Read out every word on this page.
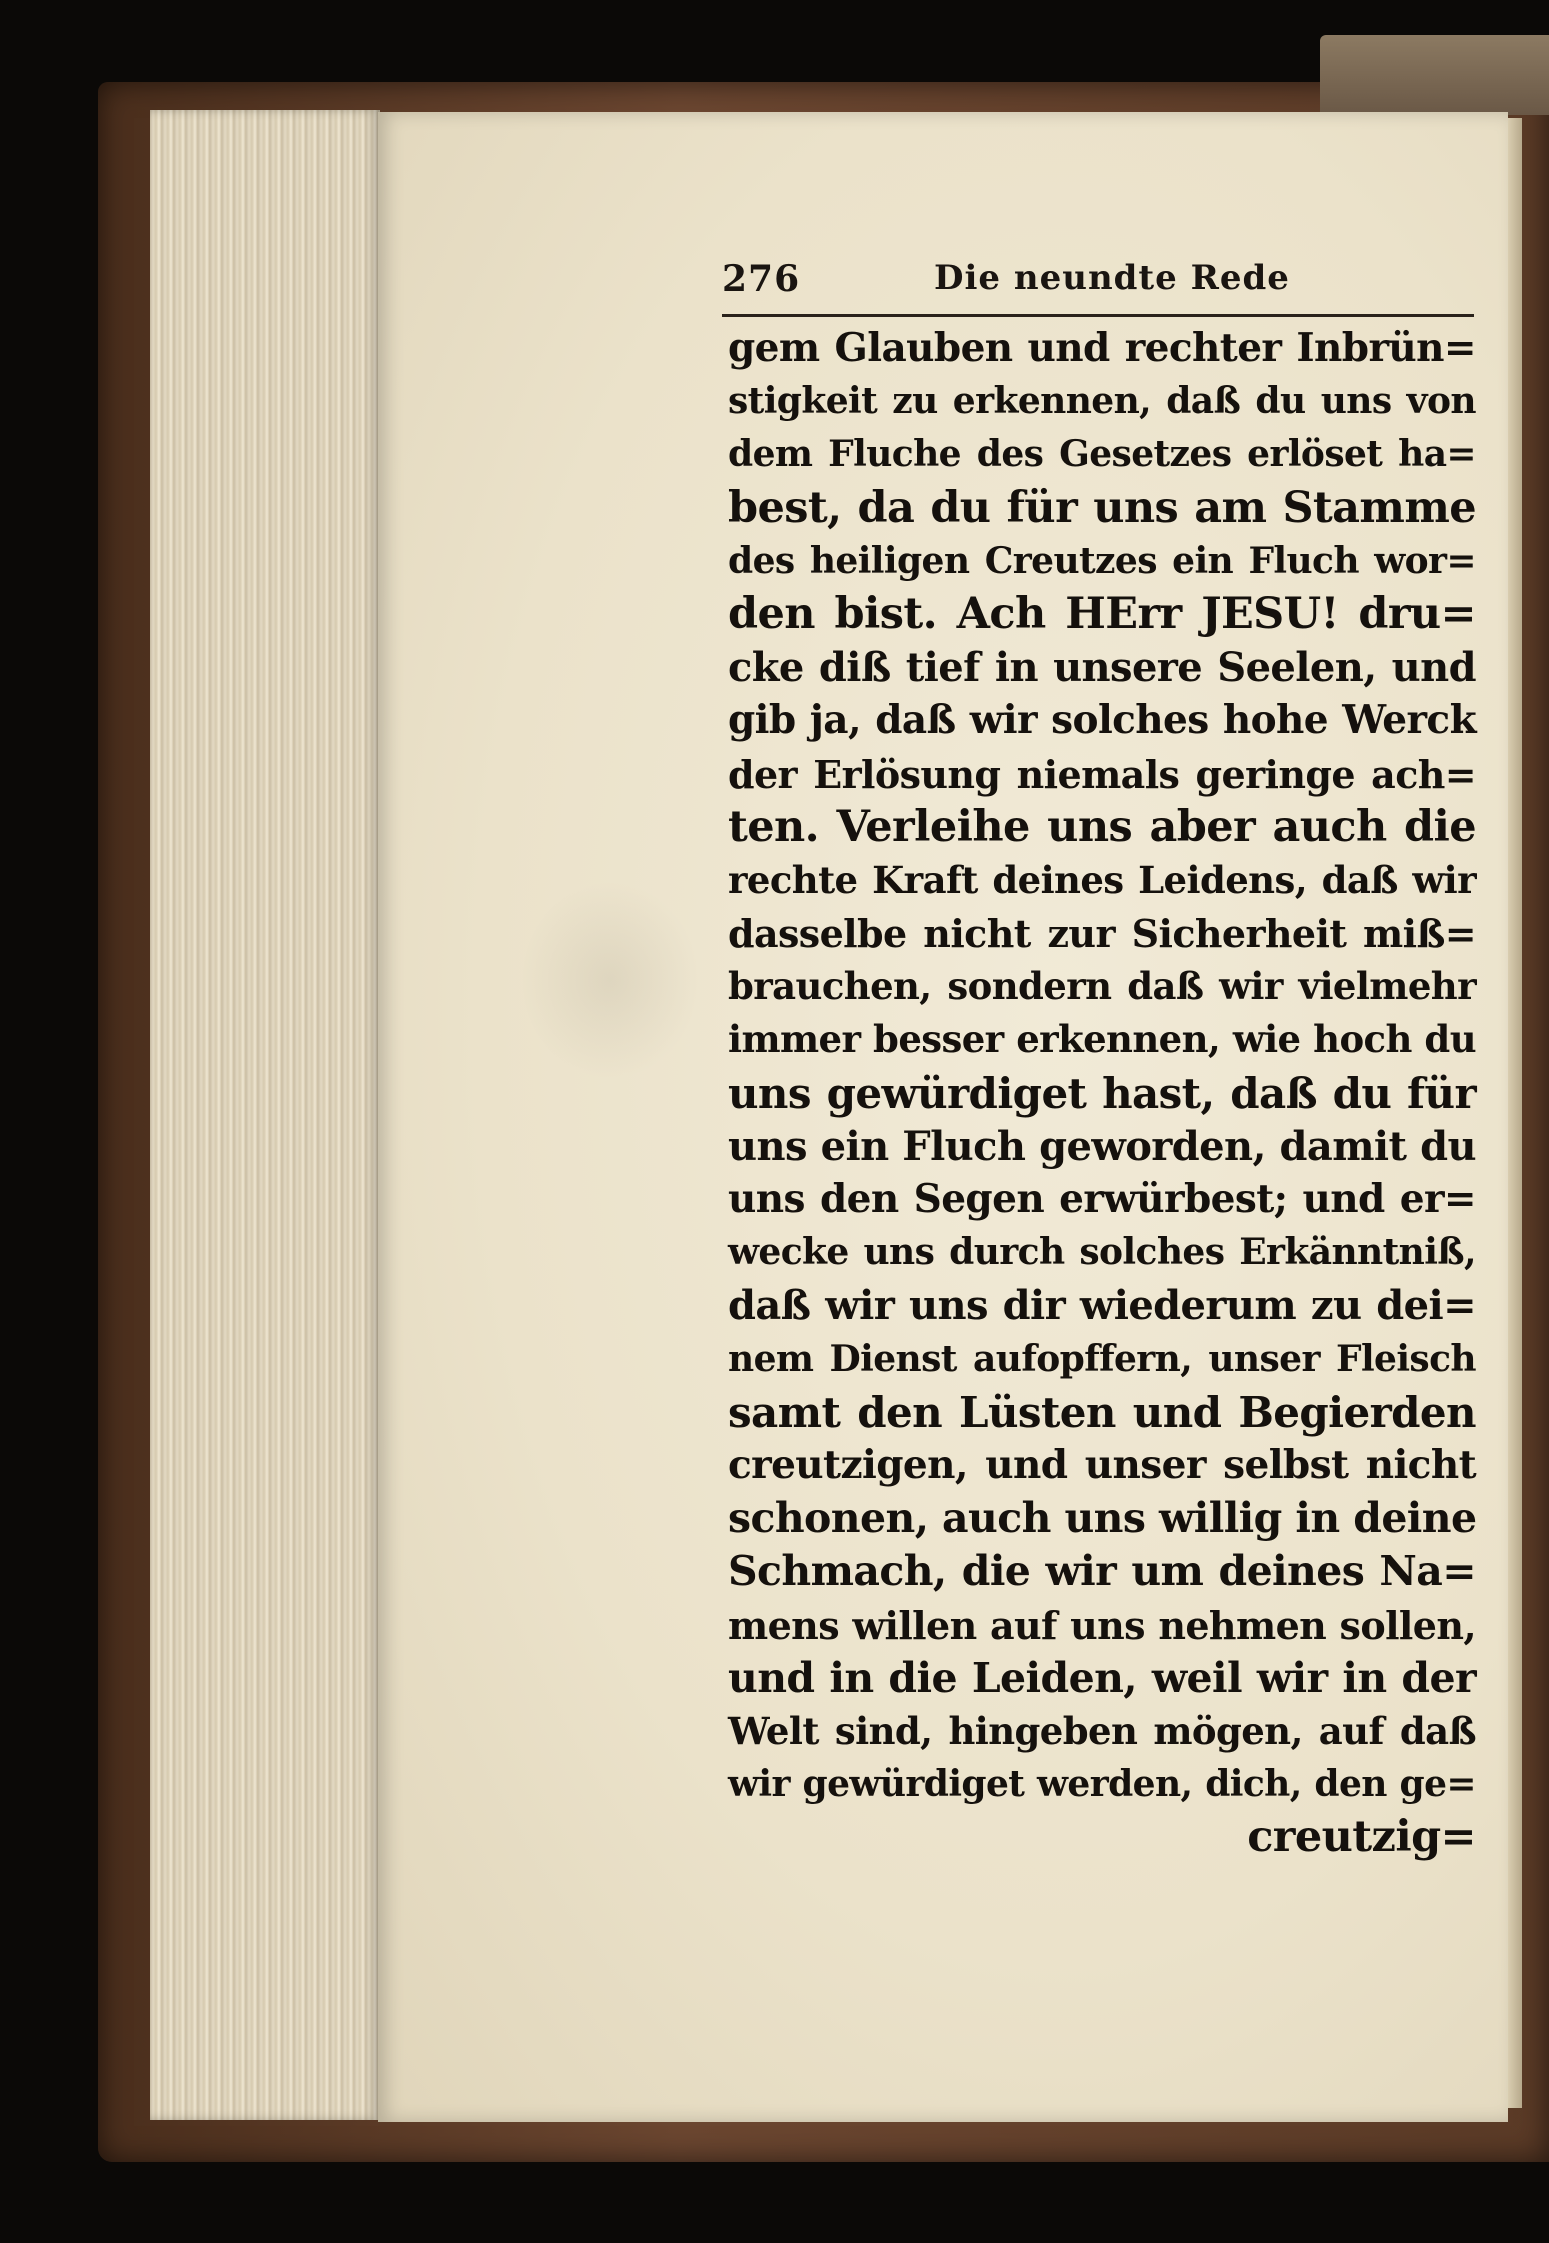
276	Die neundte Rede
gem Glauben und rechter Inbrün=
stigkeit zu erkennen, daß du uns von
dem Fluche des Gesetzes erlöset ha=
best, da du für uns am Stamme
des heiligen Creutzes ein Fluch wor=
den bist. Ach HErr JESU! dru=
cke diß tief in unsere Seelen, und
gib ja, daß wir solches hohe Werck
der Erlösung niemals geringe ach=
ten. Verleihe uns aber auch die
rechte Kraft deines Leidens, daß wir
dasselbe nicht zur Sicherheit miß=
brauchen, sondern daß wir vielmehr
immer besser erkennen, wie hoch du
uns gewürdiget hast, daß du für
uns ein Fluch geworden, damit du
uns den Segen erwürbest; und er=
wecke uns durch solches Erkänntniß,
daß wir uns dir wiederum zu dei=
nem Dienst aufopffern, unser Fleisch
samt den Lüsten und Begierden
creutzigen, und unser selbst nicht
schonen, auch uns willig in deine
Schmach, die wir um deines Na=
mens willen auf uns nehmen sollen,
und in die Leiden, weil wir in der
Welt sind, hingeben mögen, auf daß
wir gewürdiget werden, dich, den ge=
creutzig=
